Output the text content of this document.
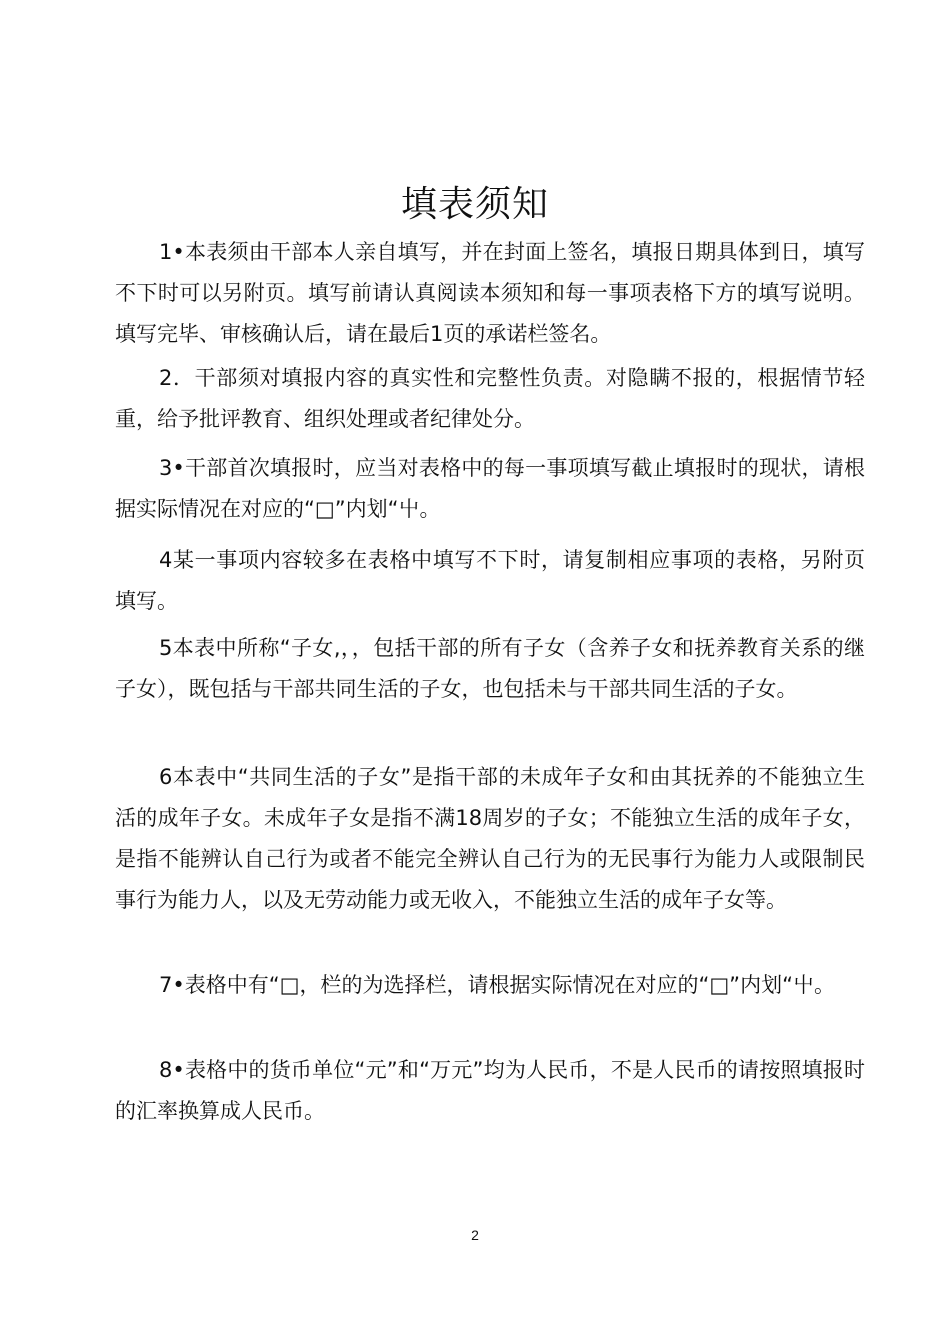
填表须知

1•本表须由干部本人亲自填写，并在封面上签名，填报日期具体到日，填写不下时可以另附页。填写前请认真阅读本须知和每一事项表格下方的填写说明。填写完毕、审核确认后，请在最后1页的承诺栏签名。

2．干部须对填报内容的真实性和完整性负责。对隐瞒不报的，根据情节轻重，给予批评教育、组织处理或者纪律处分。

3•干部首次填报时，应当对表格中的每一事项填写截止填报时的现状，请根据实际情况在对应的“□”内划“屮。

4某一事项内容较多在表格中填写不下时，请复制相应事项的表格，另附页填写。

5本表中所称“子女,，，包括干部的所有子女（含养子女和抚养教育关系的继子女），既包括与干部共同生活的子女，也包括未与干部共同生活的子女。

6本表中“共同生活的子女”是指干部的未成年子女和由其抚养的不能独立生活的成年子女。未成年子女是指不满18周岁的子女；不能独立生活的成年子女，是指不能辨认自己行为或者不能完全辨认自己行为的无民事行为能力人或限制民事行为能力人，以及无劳动能力或无收入，不能独立生活的成年子女等。

7•表格中有“□，栏的为选择栏，请根据实际情况在对应的“□”内划“屮。

8•表格中的货币单位“元”和“万元”均为人民币，不是人民币的请按照填报时的汇率换算成人民币。

2
